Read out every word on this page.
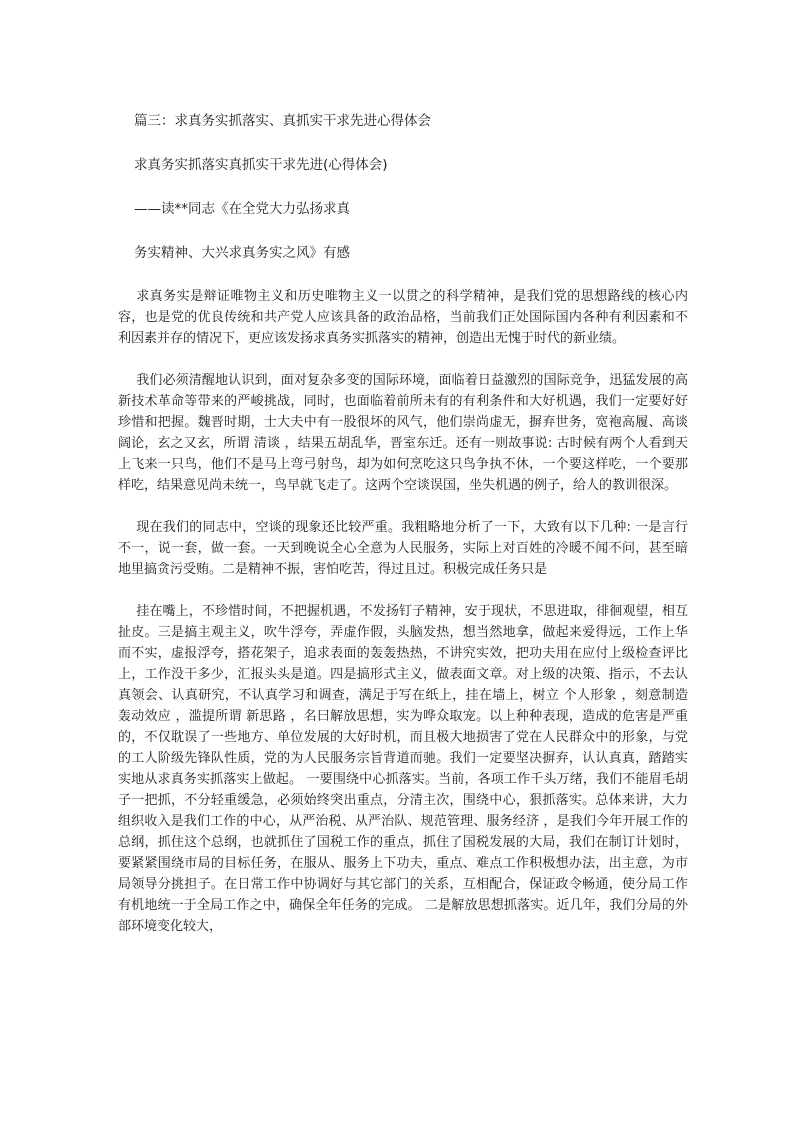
篇三：求真务实抓落实、真抓实干求先进心得体会

求真务实抓落实真抓实干求先进(心得体会)

——读**同志《在全党大力弘扬求真

务实精神、大兴求真务实之风》有感

求真务实是辩证唯物主义和历史唯物主义一以贯之的科学精神，是我们党的思想路线的核心内容，也是党的优良传统和共产党人应该具备的政治品格，当前我们正处国际国内各种有利因素和不利因素并存的情况下，更应该发扬求真务实抓落实的精神，创造出无愧于时代的新业绩。

我们必须清醒地认识到，面对复杂多变的国际环境，面临着日益激烈的国际竞争，迅猛发展的高新技术革命等带来的严峻挑战，同时，也面临着前所未有的有利条件和大好机遇，我们一定要好好珍惜和把握。魏晋时期，士大夫中有一股很坏的风气，他们崇尚虚无，摒弃世务，宽袍高履、高谈阔论，玄之又玄，所谓 清谈 ，结果五胡乱华，晋室东迁。还有一则故事说: 古时候有两个人看到天上飞来一只鸟，他们不是马上弯弓射鸟，却为如何烹吃这只鸟争执不休，一个要这样吃，一个要那样吃，结果意见尚未统一，鸟早就飞走了。这两个空谈误国，坐失机遇的例子，给人的教训很深。

现在我们的同志中，空谈的现象还比较严重。我粗略地分析了一下，大致有以下几种: 一是言行不一，说一套，做一套。一天到晚说全心全意为人民服务，实际上对百姓的冷暖不闻不问，甚至暗地里搞贪污受贿。二是精神不振，害怕吃苦，得过且过。积极完成任务只是

挂在嘴上，不珍惜时间，不把握机遇，不发扬钉子精神，安于现状，不思进取，徘徊观望，相互扯皮。三是搞主观主义，吹牛浮夸，弄虚作假，头脑发热，想当然地拿，做起来爱得远，工作上华而不实，虚报浮夸，搭花架子，追求表面的轰轰热热，不讲究实效，把功夫用在应付上级检查评比上，工作没干多少，汇报头头是道。四是搞形式主义，做表面文章。对上级的决策、指示，不去认真领会、认真研究，不认真学习和调查，满足于写在纸上，挂在墙上，树立 个人形象 ，刻意制造 轰动效应 ，滥提所谓 新思路 ，名曰解放思想，实为哗众取宠。以上种种表现，造成的危害是严重的，不仅耽误了一些地方、单位发展的大好时机，而且极大地损害了党在人民群众中的形象，与党的工人阶级先锋队性质，党的为人民服务宗旨背道而驰。我们一定要坚决摒弃，认认真真，踏踏实实地从求真务实抓落实上做起。 一要围绕中心抓落实。当前，各项工作千头万绪，我们不能眉毛胡子一把抓，不分轻重缓急，必须始终突出重点，分清主次，围绕中心，狠抓落实。总体来讲，大力组织收入是我们工作的中心，从严治税、从严治队、规范管理、服务经济 ，是我们今年开展工作的总纲，抓住这个总纲，也就抓住了国税工作的重点，抓住了国税发展的大局，我们在制订计划时，要紧紧围绕市局的目标任务，在服从、服务上下功夫，重点、难点工作积极想办法，出主意，为市局领导分挑担子。在日常工作中协调好与其它部门的关系，互相配合，保证政令畅通，使分局工作有机地统一于全局工作之中，确保全年任务的完成。 二是解放思想抓落实。近几年，我们分局的外部环境变化较大，
